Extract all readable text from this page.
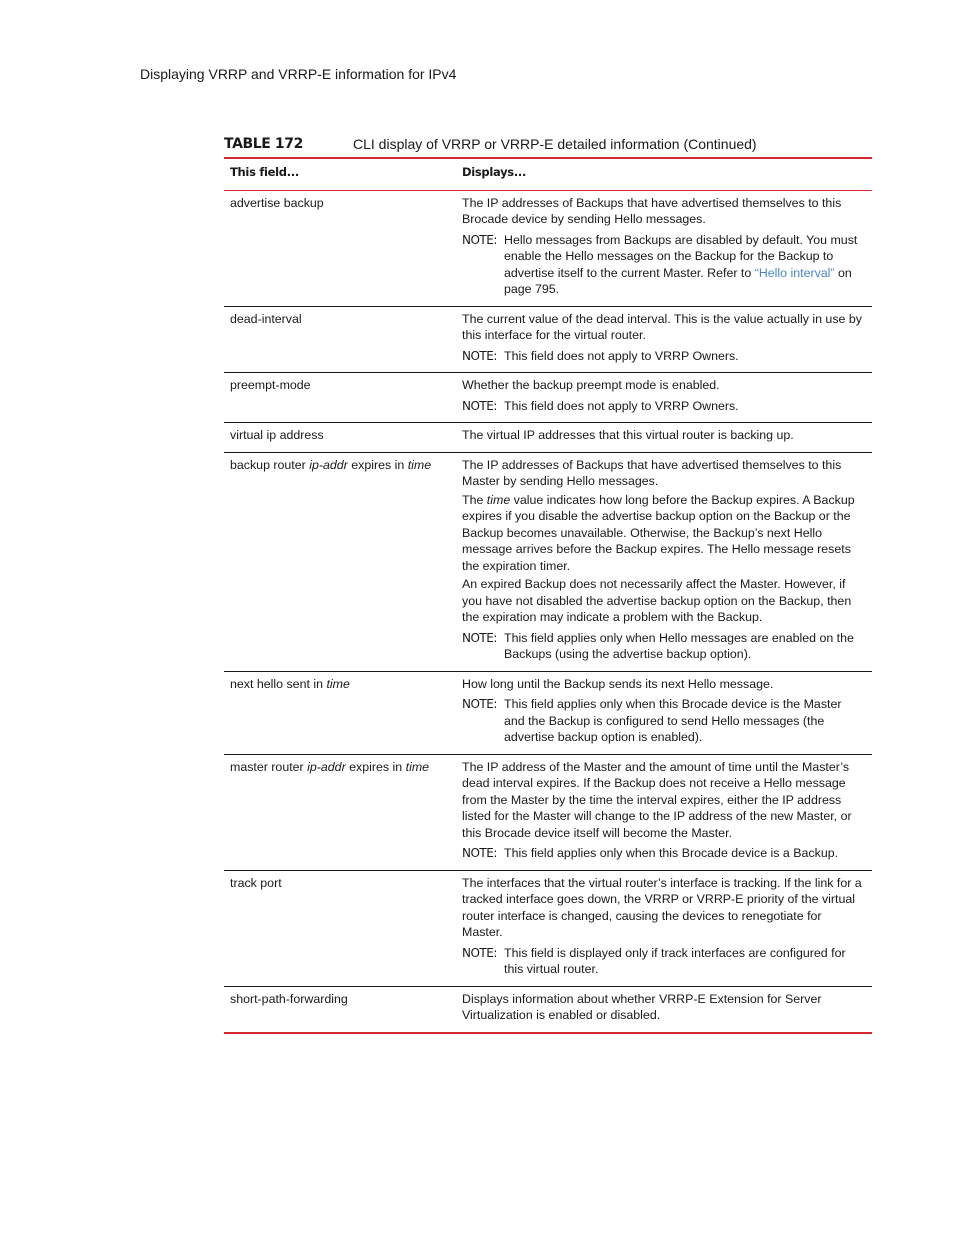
Displaying VRRP and VRRP-E information for IPv4
TABLE 172	CLI display of VRRP or VRRP-E detailed information (Continued)
This field...	Displays...
advertise backup	The IP addresses of Backups that have advertised themselves to this Brocade device by sending Hello messages.

NOTE: Hello messages from Backups are disabled by default. You must enable the Hello messages on the Backup for the Backup to advertise itself to the current Master. Refer to “Hello interval” on page 795.
dead-interval	The current value of the dead interval. This is the value actually in use by this interface for the virtual router.

NOTE: This field does not apply to VRRP Owners.
preempt-mode	Whether the backup preempt mode is enabled.

NOTE: This field does not apply to VRRP Owners.
virtual ip address	The virtual IP addresses that this virtual router is backing up.

backup router ip-addr expires in time	The IP addresses of Backups that have advertised themselves to this Master by sending Hello messages.

The time value indicates how long before the Backup expires. A Backup expires if you disable the advertise backup option on the Backup or the Backup becomes unavailable. Otherwise, the Backup’s next Hello message arrives before the Backup expires. The Hello message resets the expiration timer.

An expired Backup does not necessarily affect the Master. However, if you have not disabled the advertise backup option on the Backup, then the expiration may indicate a problem with the Backup.

NOTE: This field applies only when Hello messages are enabled on the Backups (using the advertise backup option).
next hello sent in time	How long until the Backup sends its next Hello message.

NOTE: This field applies only when this Brocade device is the Master and the Backup is configured to send Hello messages (the advertise backup option is enabled).
master router ip-addr expires in time	The IP address of the Master and the amount of time until the Master’s dead interval expires. If the Backup does not receive a Hello message from the Master by the time the interval expires, either the IP address listed for the Master will change to the IP address of the new Master, or this Brocade device itself will become the Master.

NOTE: This field applies only when this Brocade device is a Backup.
track port	The interfaces that the virtual router’s interface is tracking. If the link for a tracked interface goes down, the VRRP or VRRP-E priority of the virtual router interface is changed, causing the devices to renegotiate for Master.

NOTE: This field is displayed only if track interfaces are configured for this virtual router.
short-path-forwarding	Displays information about whether VRRP-E Extension for Server Virtualization is enabled or disabled.
